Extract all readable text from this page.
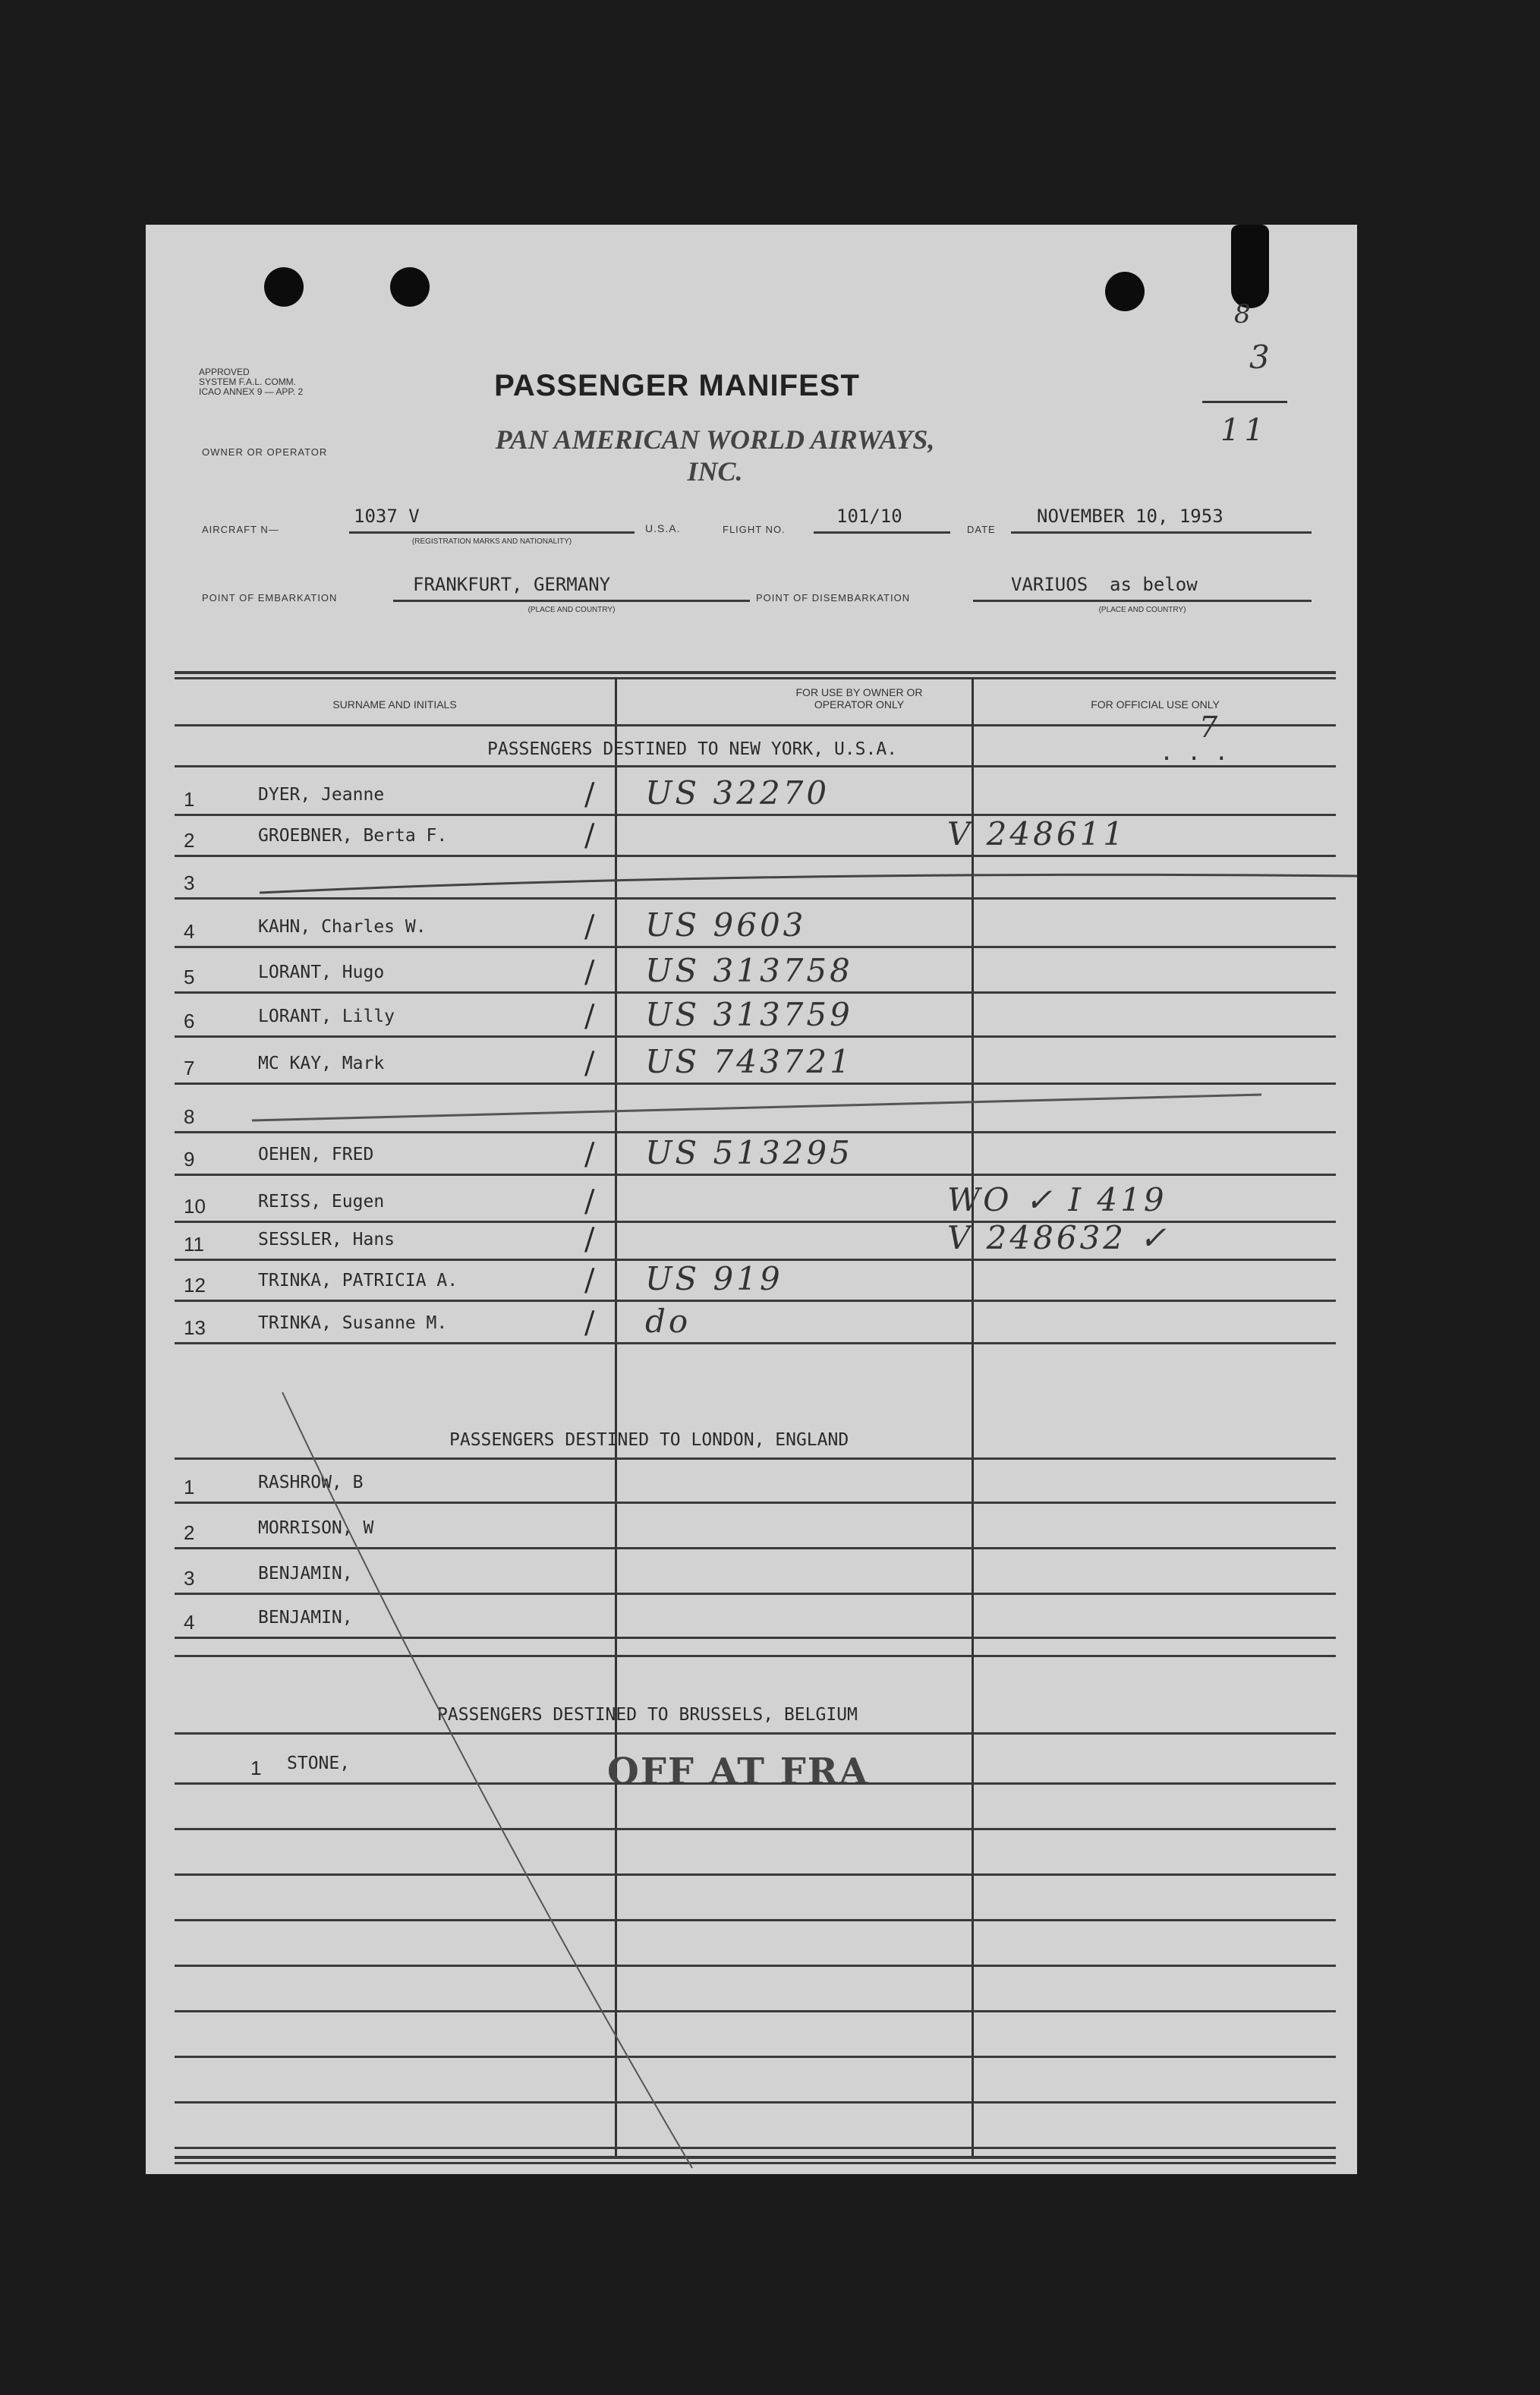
APPROVED
SYSTEM F.A.L. COMM.
ICAO ANNEX 9 — APP. 2	PASSENGER MANIFEST
OWNER OR OPERATOR	PAN AMERICAN WORLD AIRWAYS, INC.
8
3
11
AIRCRAFT N—
1037 V
(REGISTRATION MARKS AND NATIONALITY)
U.S.A.	FLIGHT NO.
101/10
DATE
NOVEMBER 10, 1953
POINT OF EMBARKATION
FRANKFURT, GERMANY
(PLACE AND COUNTRY)
POINT OF DISEMBARKATION
VARIUOS  as below
(PLACE AND COUNTRY)
SURNAME AND INITIALS
FOR USE BY OWNER OR OPERATOR ONLY	FOR OFFICIAL USE ONLY
PASSENGERS DESTINED TO NEW YORK, U.S.A.
7
. . .
1	DYER, Jeanne	/ US 32270
2	GROEBNER, Berta F.	/	V 248611
3
4	KAHN, Charles W.	/ US 9603
5	LORANT, Hugo	/ US 313758
6	LORANT, Lilly	/ US 313759
7	MC KAY, Mark	/ US 743721
8
9	OEHEN, FRED	/ US 513295
10	REISS, Eugen	/	WO ✓ I 419
11	SESSLER, Hans	/	V 248632 ✓
12	TRINKA, PATRICIA A.	/ US 919
13	TRINKA, Susanne M.	/ do
PASSENGERS DESTINED TO LONDON, ENGLAND
1	RASHROW, B
2	MORRISON, W
3	BENJAMIN,
4	BENJAMIN,
PASSENGERS DESTINED TO BRUSSELS, BELGIUM
1 STONE,	OFF AT FRA
